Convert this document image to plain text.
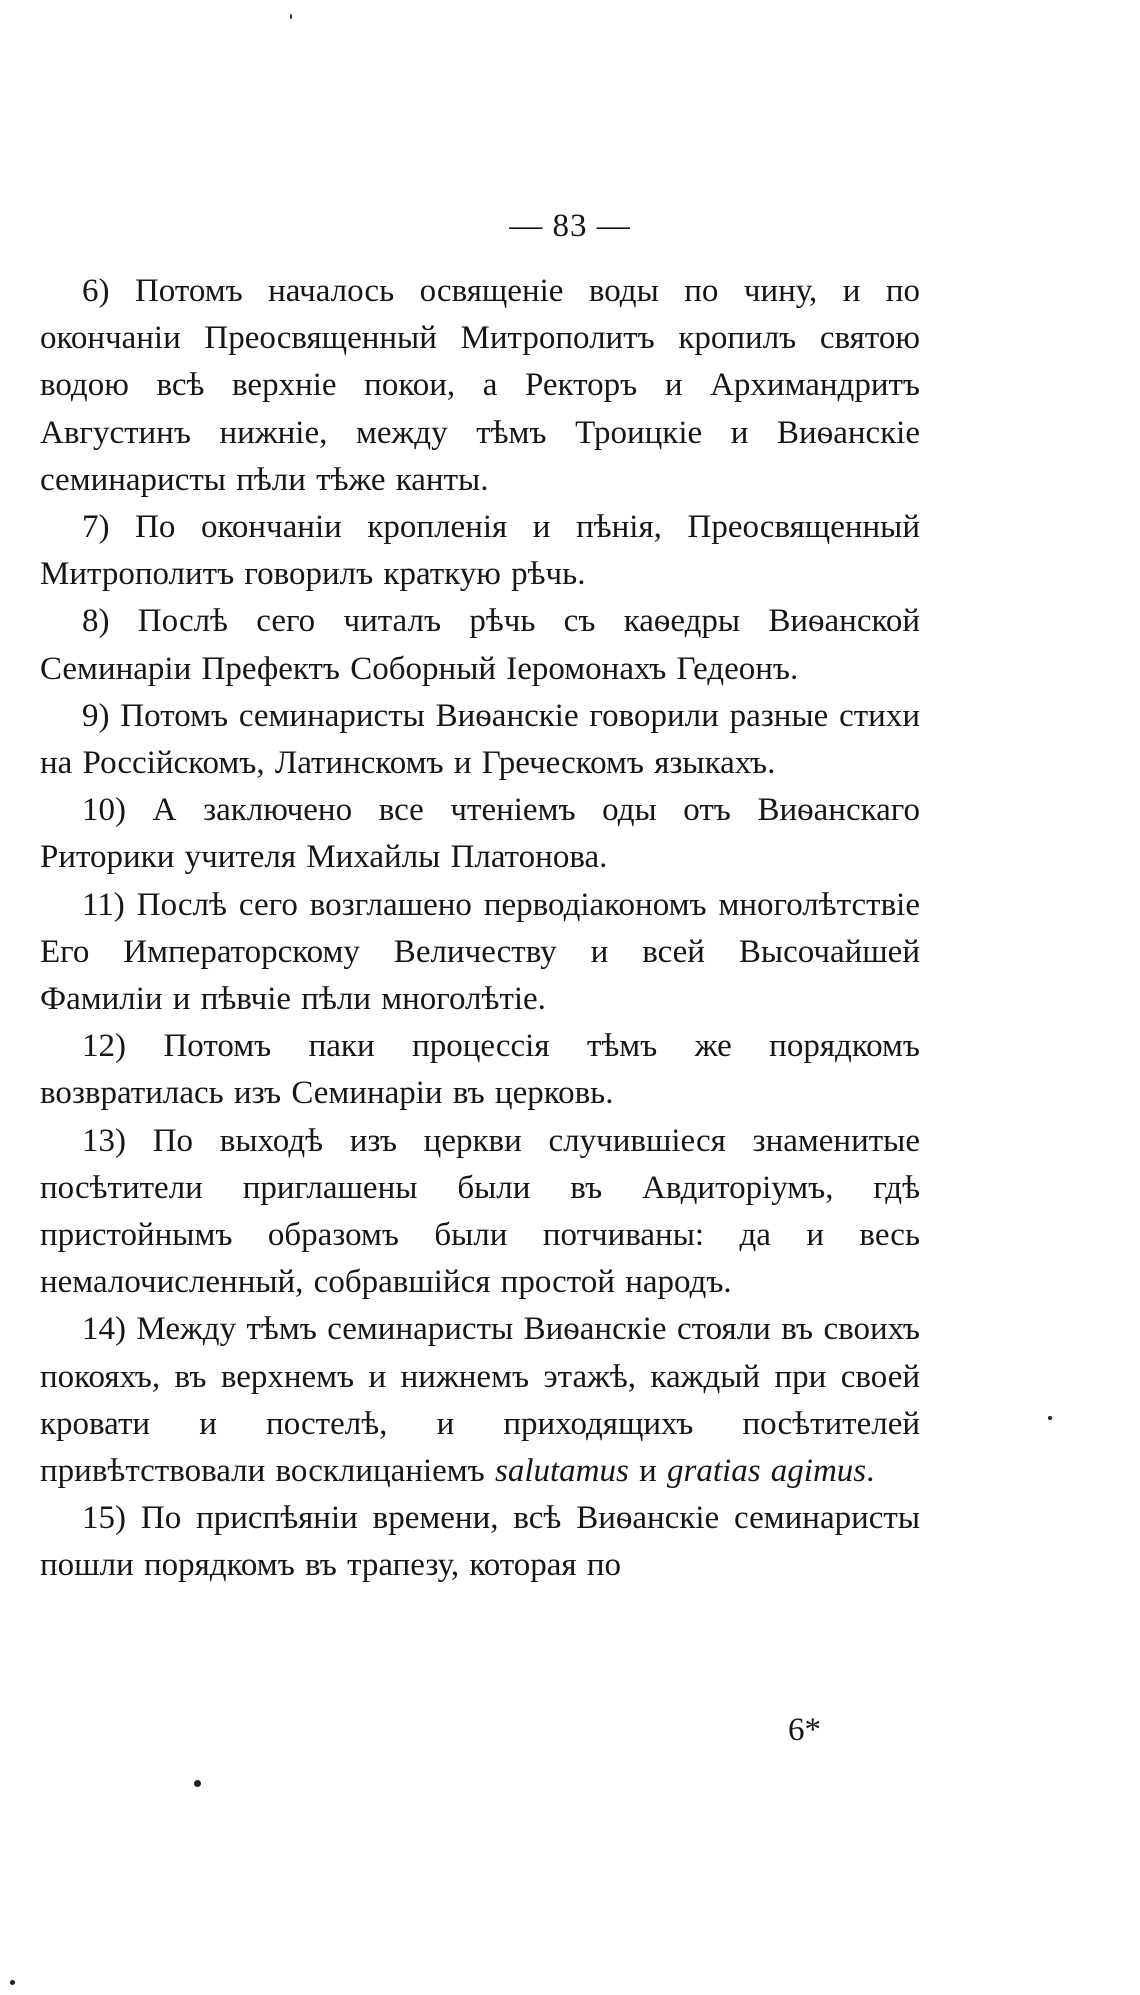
— 83 —

6) Потомъ началось освященіе воды по чину, и по окончаніи Преосвященный Митрополитъ кропилъ святою водою всѣ верхніе покои, а Ректоръ и Архимандритъ Августинъ нижніе, между тѣмъ Троицкіе и Виѳанскіе семинаристы пѣли тѣже канты.

7) По окончаніи кропленія и пѣнія, Преосвященный Митрополитъ говорилъ краткую рѣчь.

8) Послѣ сего читалъ рѣчь съ каѳедры Виѳанской Семинаріи Префектъ Соборный Іеромонахъ Гедеонъ.

9) Потомъ семинаристы Виѳанскіе говорили разные стихи на Россійскомъ, Латинскомъ и Греческомъ языкахъ.

10) А заключено все чтеніемъ оды отъ Виѳанскаго Риторики учителя Михайлы Платонова.

11) Послѣ сего возглашено перводіакономъ многолѣтствіе Его Императорскому Величеству и всей Высочайшей Фамиліи и пѣвчіе пѣли многолѣтіе.

12) Потомъ паки процессія тѣмъ же порядкомъ возвратилась изъ Семинаріи въ церковь.

13) По выходѣ изъ церкви случившіеся знаменитые посѣтители приглашены были въ Авдиторіумъ, гдѣ пристойнымъ образомъ были потчиваны: да и весь немалочисленный, собравшійся простой народъ.

14) Между тѣмъ семинаристы Виѳанскіе стояли въ своихъ покояхъ, въ верхнемъ и нижнемъ этажѣ, каждый при своей кровати и постелѣ, и приходящихъ посѣтителей привѣтствовали восклицаніемъ salutamus и gratias agimus.

15) По приспѣяніи времени, всѣ Виѳанскіе семинаристы пошли порядкомъ въ трапезу, которая по

6*
